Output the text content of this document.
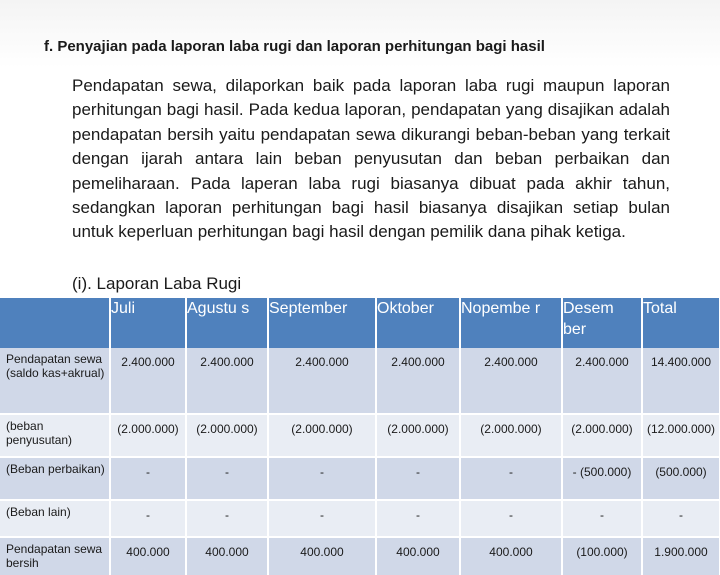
f. Penyajian pada laporan laba rugi dan laporan perhitungan bagi hasil

Pendapatan sewa, dilaporkan baik pada laporan laba rugi maupun laporan perhitungan bagi hasil. Pada kedua laporan, pendapatan yang disajikan adalah pendapatan bersih yaitu pendapatan sewa dikurangi beban-beban yang terkait dengan ijarah antara lain beban penyusutan dan beban perbaikan dan pemeliharaan. Pada laperan laba rugi biasanya dibuat pada akhir tahun, sedangkan laporan perhitungan bagi hasil biasanya disajikan setiap bulan untuk keperluan perhitungan bagi hasil dengan pemilik dana pihak ketiga.

(i). Laporan Laba Rugi

	Juli	Agustu s	September	Oktober	Nopembe r	Desem ber	Total
Pendapatan sewa (saldo kas+akrual)	2.400.000	2.400.000	2.400.000	2.400.000	2.400.000	2.400.000	14.400.000
(beban penyusutan)	(2.000.000)	(2.000.000)	(2.000.000)	(2.000.000)	(2.000.000)	(2.000.000)	(12.000.000)
(Beban perbaikan)	-	-	-	-	-	- (500.000)	(500.000)
(Beban lain)	-	-	-	-	-	-	-
Pendapatan sewa bersih	400.000	400.000	400.000	400.000	400.000	(100.000)	1.900.000
